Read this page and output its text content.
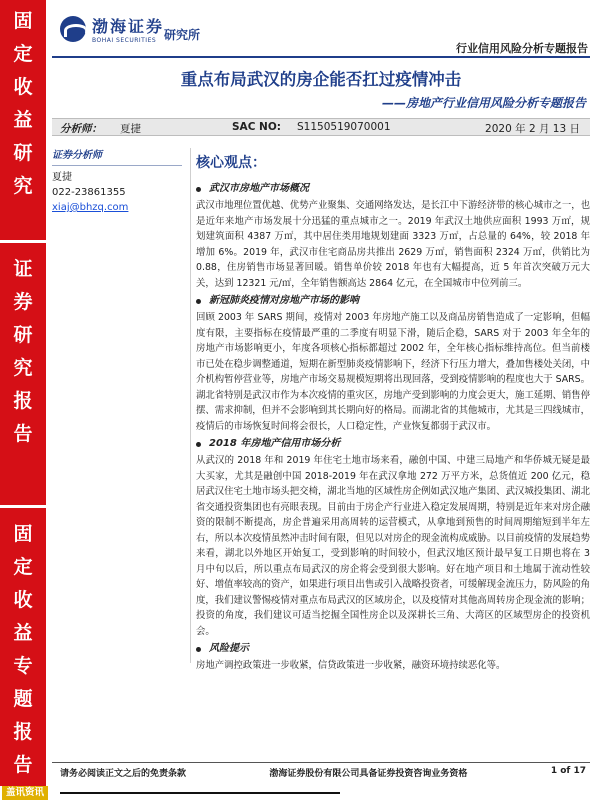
固
定
收
益
研
究
证
券
研
究
报
告
固
定
收
益
专
题
报
告
渤海证券
BOHAI SECURITIES 研究所
行业信用风险分析专题报告
重点布局武汉的房企能否扛过疫情冲击
——房地产行业信用风险分析专题报告
分析师： 夏捷	SAC NO: S1150519070001	2020 年 2 月 13 日
证券分析师
夏捷
022-23861355
xiaj@bhzq.com
核心观点：
武汉市房地产市场概况
武汉市地理位置优越、优势产业聚集、交通网络发达，是长江中下游经济带的核心城市之一，也是近年来地产市场发展十分迅猛的重点城市之一。2019 年武汉土地供应面积 1993 万㎡，规划建筑面积 4387 万㎡，其中居住类用地规划建面 3323 万㎡，占总量的 64%，较 2018 年增加 6%。2019 年，武汉市住宅商品房共推出 2629 万㎡，销售面积 2324 万㎡，供销比为 0.88，住房销售市场显著回暖。销售单价较 2018 年也有大幅提高，近 5 年首次突破万元大关，达到 12321 元/㎡，全年销售额高达 2864 亿元，在全国城市中位列前三。
新冠肺炎疫情对房地产市场的影响
回顾 2003 年 SARS 期间，疫情对 2003 年房地产施工以及商品房销售造成了一定影响，但幅度有限，主要指标在疫情最严重的二季度有明显下滑，随后企稳，SARS 对于 2003 年全年的房地产市场影响更小，年度各项核心指标都超过 2002 年，全年核心指标维持高位。但当前楼市已处在稳步调整通道，短期在新型肺炎疫情影响下，经济下行压力增大，叠加售楼处关闭，中介机构暂停营业等，房地产市场交易规模短期将出现回落，受到疫情影响的程度也大于 SARS。湖北省特别是武汉市作为本次疫情的重灾区，房地产受到影响的力度会更大，施工延期、销售停摆、需求抑制，但并不会影响到其长期向好的格局。而湖北省的其他城市，尤其是三四线城市，疫情后的市场恢复时间将会很长，人口稳定性，产业恢复都弱于武汉市。
2018 年房地产信用市场分析
从武汉的 2018 年和 2019 年住宅土地市场来看，融创中国、中建三局地产和华侨城无疑是最大买家，尤其是融创中国 2018-2019 年在武汉拿地 272 万平方米，总货值近 200 亿元，稳居武汉住宅土地市场头把交椅，湖北当地的区域性房企例如武汉地产集团、武汉城投集团、湖北省交通投资集团也有亮眼表现。目前由于房企产行业进入稳定发展周期，特别是近年来对房企融资的限制不断提高，房企普遍采用高周转的运营模式，从拿地到预售的时间周期缩短到半年左右，所以本次疫情虽然冲击时间有限，但见以对房企的现金流构成威胁。以目前疫情的发展趋势来看，湖北以外地区开始复工，受到影响的时间较小，但武汉地区预计最早复工日期也将在 3 月中旬以后，所以重点布局武汉的房企将会受到很大影响。好在地产项目和土地属于流动性较好、增值率较高的资产，如果进行项目出售或引入战略投资者，可缓解现金流压力，防风险的角度，我们建议警惕疫情对重点布局武汉的区域房企，以及疫情对其他高周转房企现金流的影响；投资的角度，我们建议可适当挖掘全国性房企以及深耕长三角、大湾区的区域型房企的投资机会。
风险提示
房地产调控政策进一步收紧，信贷政策进一步收紧，融资环境持续恶化等。
请务必阅读正文之后的免责条款	渤海证券股份有限公司具备证券投资咨询业务资格	1 of 17
盖讯资讯
